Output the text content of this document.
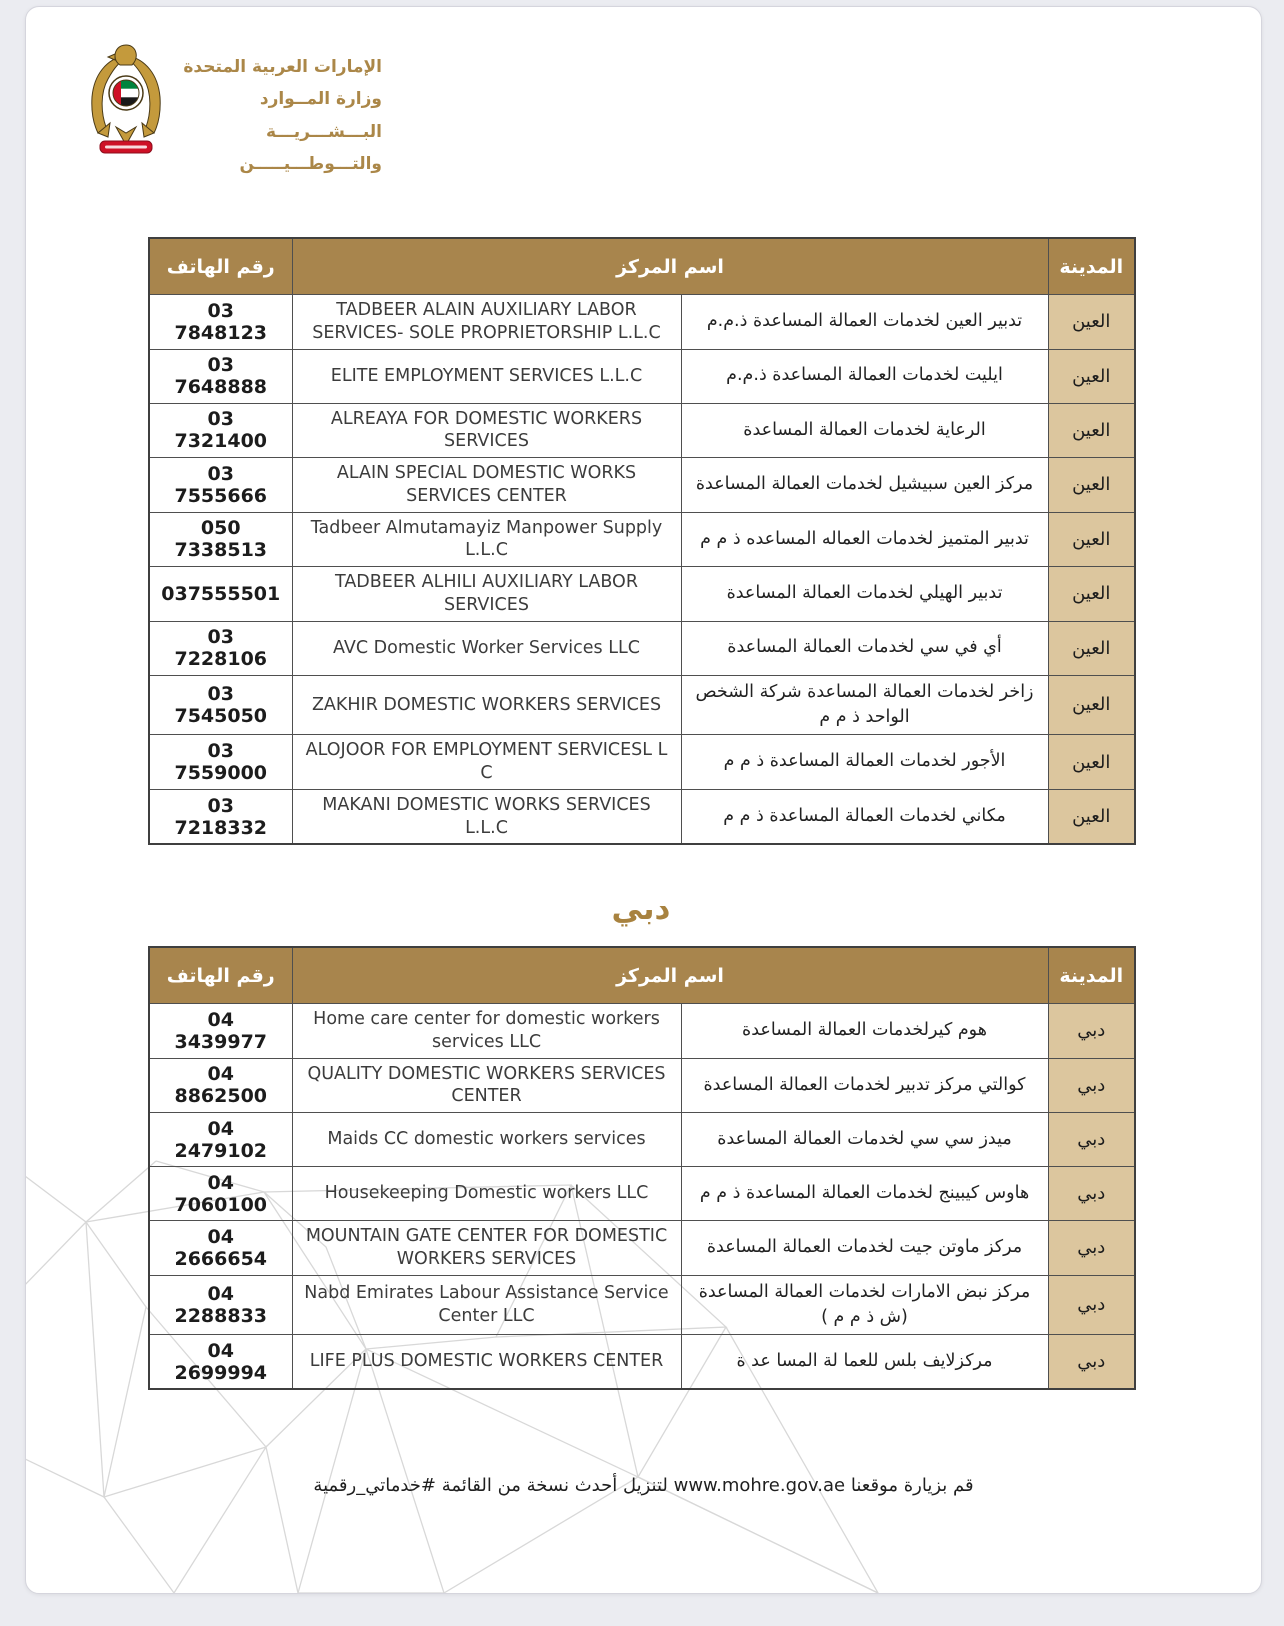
الإمارات العربية المتحدة
وزارة المــوارد البـــشـــريـــة
والتـــوطـــيـــــن
رقم الهاتف	اسم المركز		المدينة
03 7848123	TADBEER ALAIN AUXILIARY LABOR SERVICES- SOLE PROPRIETORSHIP L.L.C	تدبير العين لخدمات العمالة المساعدة ذ.م.م	العين
03 7648888	ELITE EMPLOYMENT SERVICES L.L.C	ايليت لخدمات العمالة المساعدة ذ.م.م	العين
03 7321400	ALREAYA FOR DOMESTIC WORKERS SERVICES	الرعاية لخدمات العمالة المساعدة	العين
03 7555666	ALAIN SPECIAL DOMESTIC WORKS SERVICES CENTER	مركز العين سبيشيل لخدمات العمالة المساعدة	العين
050 7338513	Tadbeer Almutamayiz Manpower Supply L.L.C	تدبير المتميز لخدمات العماله المساعده ذ م م	العين
037555501	TADBEER ALHILI AUXILIARY LABOR SERVICES	تدبير الهيلي لخدمات العمالة المساعدة	العين
03 7228106	AVC Domestic Worker Services LLC	أي في سي لخدمات العمالة المساعدة	العين
03 7545050	ZAKHIR DOMESTIC WORKERS SERVICES	زاخر لخدمات العمالة المساعدة شركة الشخص الواحد ذ م م	العين
03 7559000	ALOJOOR FOR EMPLOYMENT SERVICESL L C	الأجور لخدمات العمالة المساعدة ذ م م	العين
03 7218332	MAKANI DOMESTIC WORKS SERVICES L.L.C	مكاني لخدمات العمالة المساعدة ذ م م	العين
دبي
رقم الهاتف	اسم المركز		المدينة
04 3439977	Home care center for domestic workers services LLC	هوم كيرلخدمات العمالة المساعدة	دبي
04 8862500	QUALITY DOMESTIC WORKERS SERVICES CENTER	كوالتي مركز تدبير لخدمات العمالة المساعدة	دبي
04 2479102	Maids CC domestic workers services	ميدز سي سي لخدمات العمالة المساعدة	دبي
04 7060100	Housekeeping Domestic workers LLC	هاوس كيبينج لخدمات العمالة المساعدة ذ م م	دبي
04 2666654	MOUNTAIN GATE CENTER FOR DOMESTIC WORKERS SERVICES	مركز ماوتن جيت لخدمات العمالة المساعدة	دبي
04 2288833	Nabd Emirates Labour Assistance Service Center LLC	مركز نبض الامارات لخدمات العمالة المساعدة (ش ذ م م )	دبي
04 2699994	LIFE PLUS DOMESTIC WORKERS CENTER	مركزلايف بلس للعما لة المسا عد ة	دبي
قم بزيارة موقعنا www.mohre.gov.ae لتنزيل أحدث نسخة من القائمة #خدماتي_رقمية
